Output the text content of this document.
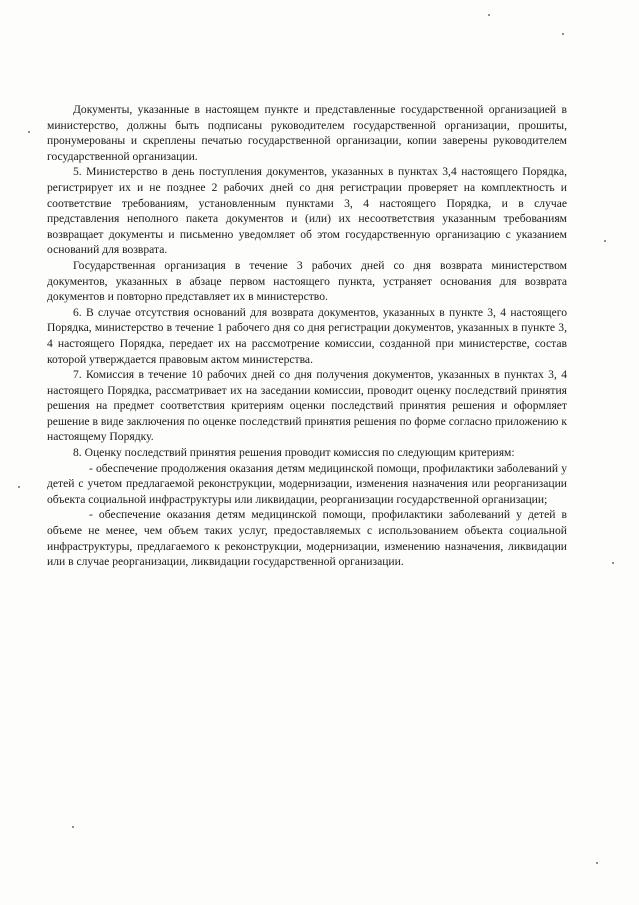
Документы, указанные в настоящем пункте и представленные государственной организацией в министерство, должны быть подписаны руководителем государственной организации, прошиты, пронумерованы и скреплены печатью государственной организации, копии заверены руководителем государственной организации.

5. Министерство в день поступления документов, указанных в пунктах 3,4 настоящего Порядка, регистрирует их и не позднее 2 рабочих дней со дня регистрации проверяет на комплектность и соответствие требованиям, установленным пунктами 3, 4 настоящего Порядка, и в случае представления неполного пакета документов и (или) их несоответствия указанным требованиям возвращает документы и письменно уведомляет об этом государственную организацию с указанием оснований для возврата.

Государственная организация в течение 3 рабочих дней со дня возврата министерством документов, указанных в абзаце первом настоящего пункта, устраняет основания для возврата документов и повторно представляет их в министерство.

6. В случае отсутствия оснований для возврата документов, указанных в пункте 3, 4 настоящего Порядка, министерство в течение 1 рабочего дня со дня регистрации документов, указанных в пункте 3, 4 настоящего Порядка, передает их на рассмотрение комиссии, созданной при министерстве, состав которой утверждается правовым актом министерства.

7. Комиссия в течение 10 рабочих дней со дня получения документов, указанных в пунктах 3, 4 настоящего Порядка, рассматривает их на заседании комиссии, проводит оценку последствий принятия решения на предмет соответствия критериям оценки последствий принятия решения и оформляет решение в виде заключения по оценке последствий принятия решения по форме согласно приложению к настоящему Порядку.

8. Оценку последствий принятия решения проводит комиссия по следующим критериям:

- обеспечение продолжения оказания детям медицинской помощи, профилактики заболеваний у детей с учетом предлагаемой реконструкции, модернизации, изменения назначения или реорганизации объекта социальной инфраструктуры или ликвидации, реорганизации государственной организации;

- обеспечение оказания детям медицинской помощи, профилактики заболеваний у детей в объеме не менее, чем объем таких услуг, предоставляемых с использованием объекта социальной инфраструктуры, предлагаемого к реконструкции, модернизации, изменению назначения, ликвидации или в случае реорганизации, ликвидации государственной организации.
